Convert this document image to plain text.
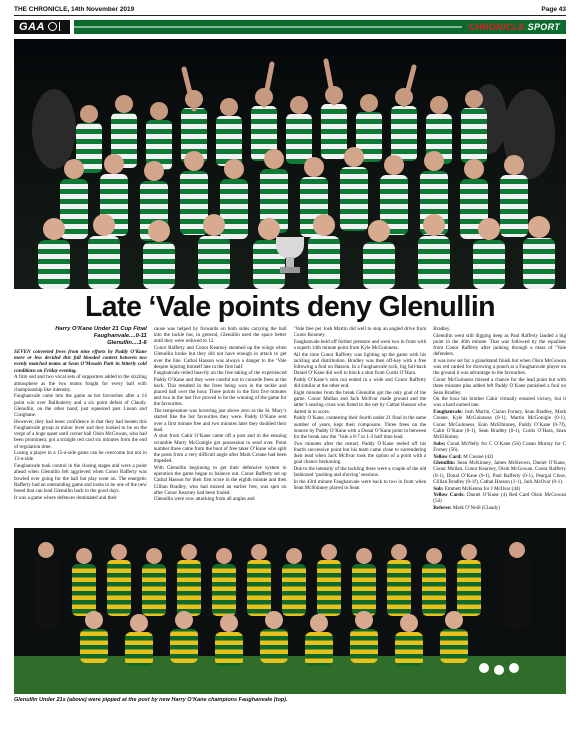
THE CHRONICLE, 14th November 2019	Page 43
GAA	CHRONICLE SPORT
Late ‘Vale points deny Glenullin
Harry O’Kane Under 21 Cup Final
Faughanvale....0-11
Glenullin....1-6

SEVEN converted frees from nine efforts by Paddy O’Kane more or less decided this full blooded contest between two evenly matched teams at Sean O’Mosain Park in bitterly cold conditions on Friday evening.

A firm sod and two vocal sets of supporters added to the sizzling atmosphere as the two teams fought for every ball with championship like intensity.

Faughanvale came into the game as hot favourites after a 14 point win over Ballinderry and a six point defeat of Claudy. Glenullin, on the other hand, just squeezed past Lissan and Craigbane.

However, they had inner confidence in that they had beaten this Faughanvale group at minor level and they looked to be on the verge of a huge upset until corner ball Oisin McGowan, who had been prominent, got a straight red card six minutes from the end of regulation time.

Losing a player in a 15-a-side game can be overcome but not in 13-a-side.

Faughanvale took control in the closing stages and were a point ahead when Glenullin felt aggrieved when Conor Rafferty was bowled over going for the ball but play went on. The energetic Rafferty had an outstanding game and looks to be one of the new breed that can lead Glenullin back to the good days.

It was a game where defences dominated and their

cause was helped by forwards on both sides carrying the ball into the tackle but, in general, Glenullin used the space better until they were reduced to 12.

Conor Rafferty and Conor Kearney steamed up the wings when Glenullin broke but they did not have enough in attack to get over the line. Cathal Hasson was always a danger to the ‘Vale despite injuring himself late in the first half.

Faughanvale relied heavily on the free taking of the experienced Paddy O’Kane and they were careful not to concede frees at the back. This resulted in the frees being won in the tackle and placed ball over the hour. Three points in the first five minutes and two in the last five proved to be the winning of the game for the favourites.

The temperature was hovering just above zero as the St. Mary’s started like the hot favourites they were. Paddy O’Kane sent over a first minute free and two minutes later they doubled their lead.

A shot from Cahir O’Kane came off a post and in the ensuing scramble Marty McGonigle got possession to send over. Point number three came from the boot of free taker O’Kane who split the posts from a very difficult angle after Mark Creane had been impeded.

With Glenullin beginning to get their defensive system in operation the game began to balance out. Conor Rafferty set up Cathal Hasson for their first score in the eighth minute and then Cillian Bradley, who had missed an earlier free, was spot on after Conor Kearney had been fouled.

Glenullin were now attacking from all angles and

‘Vale free per Josh Martin did well to stop an angled drive from Conor Kearney.

Faughanvale held off further pressure and went two in front with a superb 14th minute point from Kyle McGuinness.

All the time Conor Rafferty was lighting up the game with his tackling and distribution. Bradley was then off-key with a free following a foul on Hasson. In a Faughanvale ruck, big full-back Daniel O’Kane did well to block a shot from Curtis O’Hara.

Paddy O’Kane’s solo run ended in a wide and Conor Rafferty did similar at the other end.

Eight minutes from the break Glenullin got the only goal of the game. Conor Mullan and Jack McIlvar made ground and the latter’s searing cross was fisted to the net by Cathal Hasson who darted in to score.

Paddy O’Kane, contesting their fourth under 21 final in the same number of years, kept their composure. Three frees on the bounce by Paddy O’Kane with a Donal O’Kane point in between for the break saw the ‘Vale a 0-7 to 1-3 half time lead.

Two minutes after the restart, Paddy O’Kane reeled off his fourth successive point but his team came close to surrendering their lead when Jack McIlvar took the option of a point with a goal chance beckoning.

Due to the intensity of the tackling there were a couple of the old fashioned ‘pushing and shoving’ sessions.

In the 43rd minute Faughanvale were back to two in front when Sean McShinney played in Sean

Bradley.

Glenullin went still digging deep as Paul Rafferty landed a big point in the 46th minute. That was followed by the equaliser from Conor Rafferty after junking through a mass of ‘Vale defenders.

It was now set for a grandstand finish but when Oisin McGowan was red carded for throwing a punch at a Faughanvale player on the ground it was advantage to the favourites.

Conor McGuinness missed a chance for the lead point but with three minutes plus added left Paddy O’Kane punished a foul on Sean Bradley.

On the hour his brother Cahir virtually ensured victory, but it was a hard earned one.

Faughanvale: Josh Martin, Ciaran Forney, Sean Bradley, Mark Creane, Kyle McGuinness (0-1), Martin McGonigle (0-1), Conor McGuinness, Eoin McElhinney, Paddy O’Kane (0-7f), Cahir O’Kane (0-1), Sean Bradley (0-1), Curtis O’Hara, Sean McElhinney.

Subs: Conal McNelly for C O’Kane (56) Conan Murray for C Forney (56).

Yellow Card: M Creane (42)

Glenullin: Sean McKinney, James McKeown, Daniel O’Kane, Conor Mullan, Conor Kearney, Oisin McGowan, Conor Rafferty (0-1), Donal O’Kane (0-1), Paul Rafferty (0-1), Peargal Close, Cillian Bradley (0-1f), Cathal Hasson (1-1), Jack McIlvar (0-1).

Sub: Emmett McKenna for J McIlvar (44)

Yellow Cards: Daniel O’Kane (4) Red Card Oisin McGowan (54)

Referee: Mark O’Neill (Claudy)

Glenullin Under 21s (above) were pipped at the post by new Harry O’Kane champions Faughanvale (top).
